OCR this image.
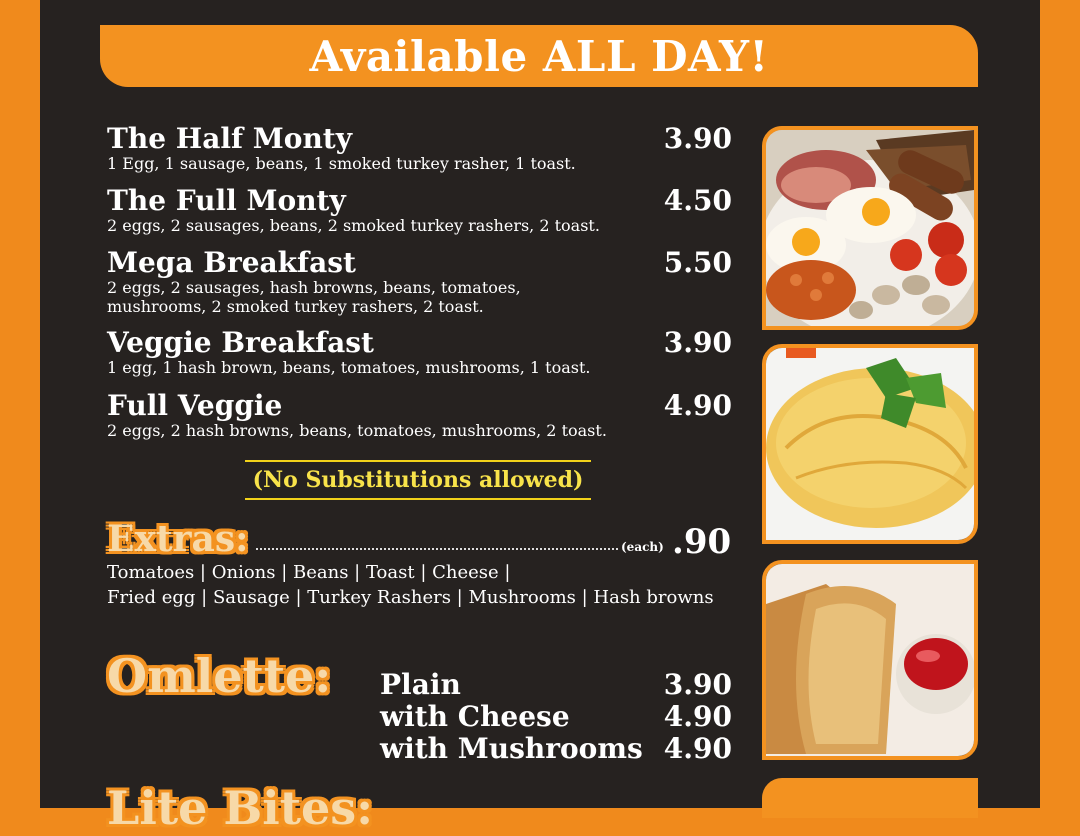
Available ALL DAY!
The Half Monty	3.90
1 Egg, 1 sausage, beans, 1 smoked turkey rasher, 1 toast.
The Full Monty	4.50
2 eggs, 2 sausages, beans, 2 smoked turkey rashers, 2 toast.
Mega Breakfast	5.50
2 eggs, 2 sausages, hash browns, beans, tomatoes,
mushrooms, 2 smoked turkey rashers, 2 toast.
Veggie Breakfast	3.90
1 egg, 1 hash brown, beans, tomatoes, mushrooms, 1 toast.
Full Veggie	4.90
2 eggs, 2 hash browns, beans, tomatoes, mushrooms, 2 toast.
(No Substitutions allowed)
Extras:	(each) .90
Tomatoes | Onions | Beans | Toast | Cheese |
Fried egg | Sausage | Turkey Rashers | Mushrooms | Hash browns
Omlette: Plain	3.90
with Cheese	4.90
with Mushrooms 4.90
Lite Bites:
